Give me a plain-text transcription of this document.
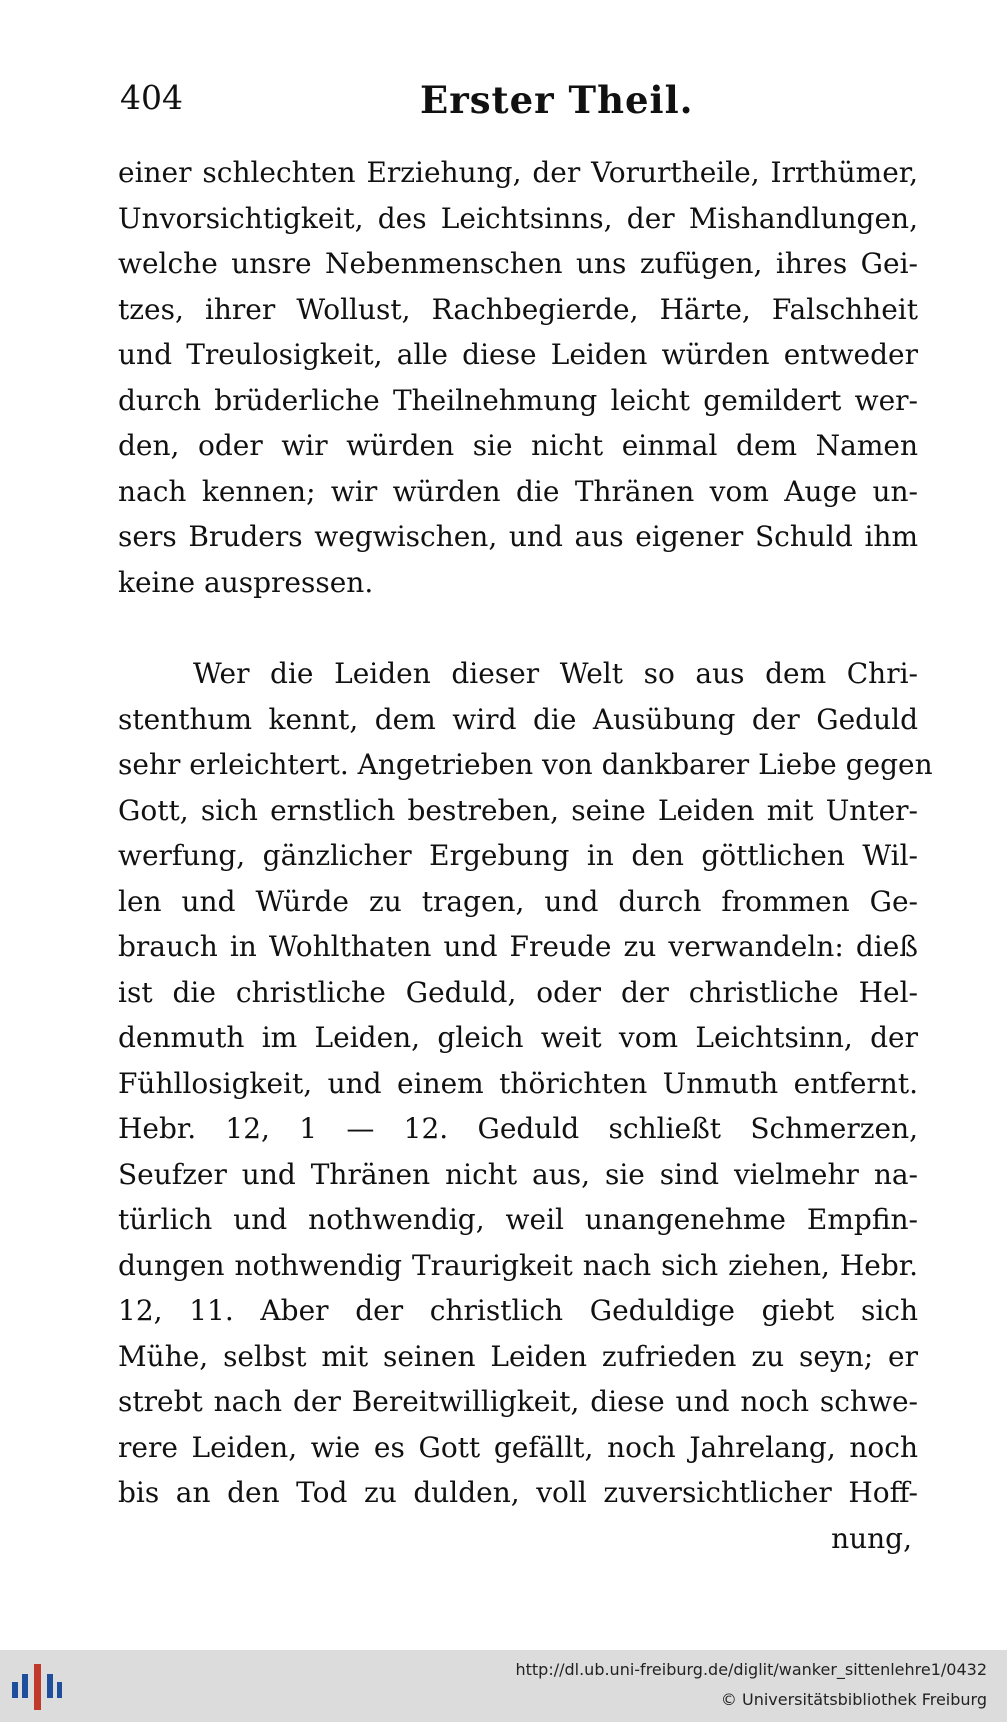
404	Erster Theil.
einer schlechten Erziehung, der Vorurtheile, Irrthümer,
Unvorsichtigkeit, des Leichtsinns, der Mishandlungen,
welche unsre Nebenmenschen uns zufügen, ihres Gei-
tzes, ihrer Wollust, Rachbegierde, Härte, Falschheit
und Treulosigkeit, alle diese Leiden würden entweder
durch brüderliche Theilnehmung leicht gemildert wer-
den, oder wir würden sie nicht einmal dem Namen
nach kennen; wir würden die Thränen vom Auge un-
sers Bruders wegwischen, und aus eigener Schuld ihm
keine auspressen.
Wer die Leiden dieser Welt so aus dem Chri-
stenthum kennt, dem wird die Ausübung der Geduld
sehr erleichtert. Angetrieben von dankbarer Liebe gegen
Gott, sich ernstlich bestreben, seine Leiden mit Unter-
werfung, gänzlicher Ergebung in den göttlichen Wil-
len und Würde zu tragen, und durch frommen Ge-
brauch in Wohlthaten und Freude zu verwandeln: dieß
ist die christliche Geduld, oder der christliche Hel-
denmuth im Leiden, gleich weit vom Leichtsinn, der
Fühllosigkeit, und einem thörichten Unmuth entfernt.
Hebr. 12, 1 — 12. Geduld schließt Schmerzen,
Seufzer und Thränen nicht aus, sie sind vielmehr na-
türlich und nothwendig, weil unangenehme Empfin-
dungen nothwendig Traurigkeit nach sich ziehen, Hebr.
12, 11. Aber der christlich Geduldige giebt sich
Mühe, selbst mit seinen Leiden zufrieden zu seyn; er
strebt nach der Bereitwilligkeit, diese und noch schwe-
rere Leiden, wie es Gott gefällt, noch Jahrelang, noch
bis an den Tod zu dulden, voll zuversichtlicher Hoff-
nung,
http://dl.ub.uni-freiburg.de/diglit/wanker_sittenlehre1/0432
© Universitätsbibliothek Freiburg
